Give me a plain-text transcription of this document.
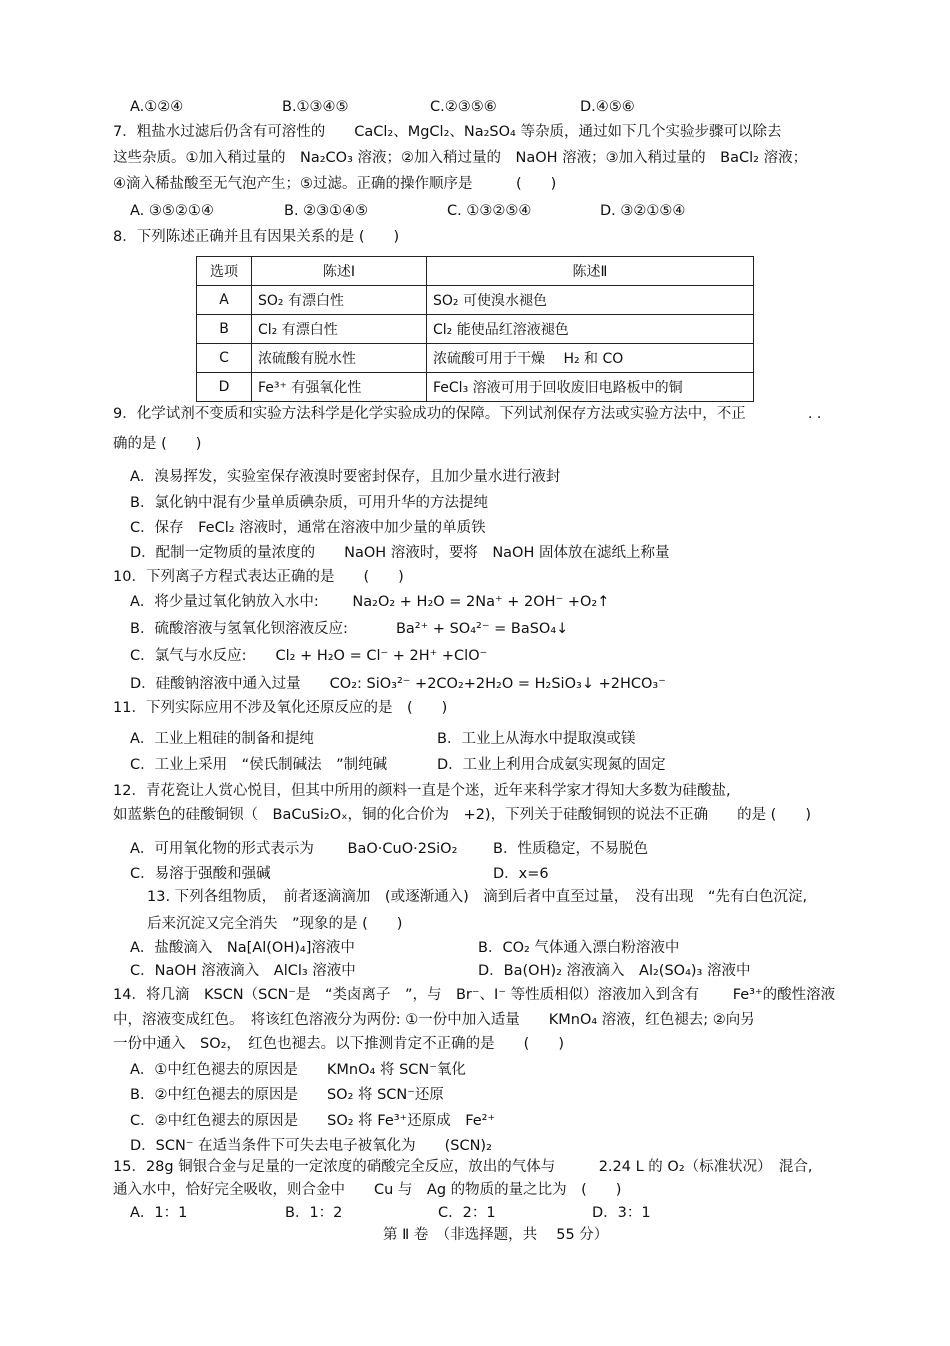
A.①②④	B.①③④⑤	C.②③⑤⑥	D.④⑤⑥
7．粗盐水过滤后仍含有可溶性的　　CaCl₂、MgCl₂、Na₂SO₄ 等杂质，通过如下几个实验步骤可以除去
这些杂质。①加入稍过量的　Na₂CO₃ 溶液；②加入稍过量的　NaOH 溶液；③加入稍过量的　BaCl₂ 溶液；
④滴入稀盐酸至无气泡产生；⑤过滤。正确的操作顺序是　　　(　　)
A. ③⑤②①④	B. ②③①④⑤	C. ①③②⑤④	D. ③②①⑤④
8．下列陈述正确并且有因果关系的是 (　　)
选项	陈述Ⅰ	陈述Ⅱ
A	SO₂ 有漂白性	SO₂ 可使溴水褪色
B	Cl₂ 有漂白性	Cl₂ 能使品红溶液褪色
C	浓硫酸有脱水性	浓硫酸可用于干燥　 H₂ 和 CO
D	Fe³⁺ 有强氧化性	FeCl₃ 溶液可用于回收废旧电路板中的铜
9．化学试剂不变质和实验方法科学是化学实验成功的保障。下列试剂保存方法或实验方法中，不正	· ·
确的是 (　　)
A．溴易挥发，实验室保存液溴时要密封保存，且加少量水进行液封
B．氯化钠中混有少量单质碘杂质，可用升华的方法提纯
C．保存　FeCl₂ 溶液时，通常在溶液中加少量的单质铁
D．配制一定物质的量浓度的　　NaOH 溶液时，要将　NaOH 固体放在滤纸上称量
10．下列离子方程式表达正确的是　　(　　)
A．将少量过氧化钠放入水中:　　 Na₂O₂ + H₂O = 2Na⁺ + 2OH⁻ +O₂↑
B．硫酸溶液与氢氧化钡溶液反应:　　　 Ba²⁺ + SO₄²⁻ = BaSO₄↓
C．氯气与水反应:　　Cl₂ + H₂O = Cl⁻ + 2H⁺ +ClO⁻
D．硅酸钠溶液中通入过量　　CO₂: SiO₃²⁻ +2CO₂+2H₂O = H₂SiO₃↓ +2HCO₃⁻
11．下列实际应用不涉及氧化还原反应的是　(　　)
A．工业上粗硅的制备和提纯	B．工业上从海水中提取溴或镁
C．工业上采用　“侯氏制碱法　”制纯碱	D．工业上利用合成氨实现氮的固定
12．青花瓷让人赏心悦目，但其中所用的颜料一直是个迷，近年来科学家才得知大多数为硅酸盐,
如蓝紫色的硅酸铜钡（　BaCuSi₂Oₓ，铜的化合价为　+2)，下列关于硅酸铜钡的说法不正确　　的是 (　　)
A．可用氧化物的形式表示为　　 BaO·CuO·2SiO₂ B．性质稳定，不易脱色
C．易溶于强酸和强碱	D．x=6
13. 下列各组物质，　前者逐滴滴加　(或逐渐通入)　滴到后者中直至过量，　没有出现　“先有白色沉淀,
后来沉淀又完全消失　”现象的是 (　　)
A．盐酸滴入　Na[Al(OH)₄]溶液中	B．CO₂ 气体通入漂白粉溶液中
C．NaOH 溶液滴入　AlCl₃ 溶液中	D．Ba(OH)₂ 溶液滴入　Al₂(SO₄)₃ 溶液中
14．将几滴　KSCN（SCN⁻是　“类卤离子　”，与　Br⁻、I⁻ 等性质相似）溶液加入到含有　　 Fe³⁺的酸性溶液
中，溶液变成红色。　将该红色溶液分为两份: ①一份中加入适量　　KMnO₄ 溶液，红色褪去; ②向另
一份中通入　SO₂，　红色也褪去。以下推测肯定不正确的是　　(　　)
A．①中红色褪去的原因是　　KMnO₄ 将 SCN⁻氧化
B．②中红色褪去的原因是　　SO₂ 将 SCN⁻还原
C．②中红色褪去的原因是　　SO₂ 将 Fe³⁺还原成　Fe²⁺
D．SCN⁻ 在适当条件下可失去电子被氧化为　　(SCN)₂
15．28g 铜银合金与足量的一定浓度的硝酸完全反应，放出的气体与　　　2.24 L 的 O₂（标准状况）　混合,
通入水中，恰好完全吸收，则合金中　　Cu 与　Ag 的物质的量之比为　(　　)
A．1：1	B．1：2	C．2：1	D．3：1
第 Ⅱ 卷　（非选择题，共　 55 分）
